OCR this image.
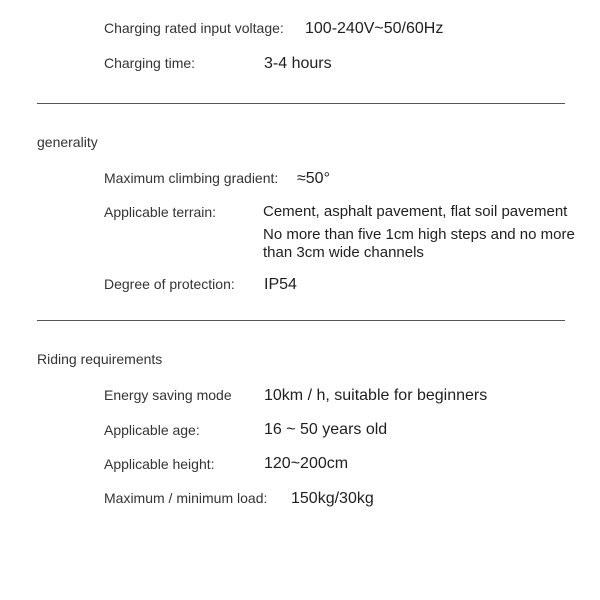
Charging rated input voltage: 100-240V~50/60Hz
Charging time:	3-4 hours
generality
Maximum climbing gradient: ≈50°
Applicable terrain:	Cement, asphalt pavement, flat soil pavement
No more than five 1cm high steps and no more
than 3cm wide channels
Degree of protection: IP54
Riding requirements
Energy saving mode 10km / h, suitable for beginners
Applicable age:	16 ~ 50 years old
Applicable height:	120~200cm
Maximum / minimum load: 150kg/30kg
